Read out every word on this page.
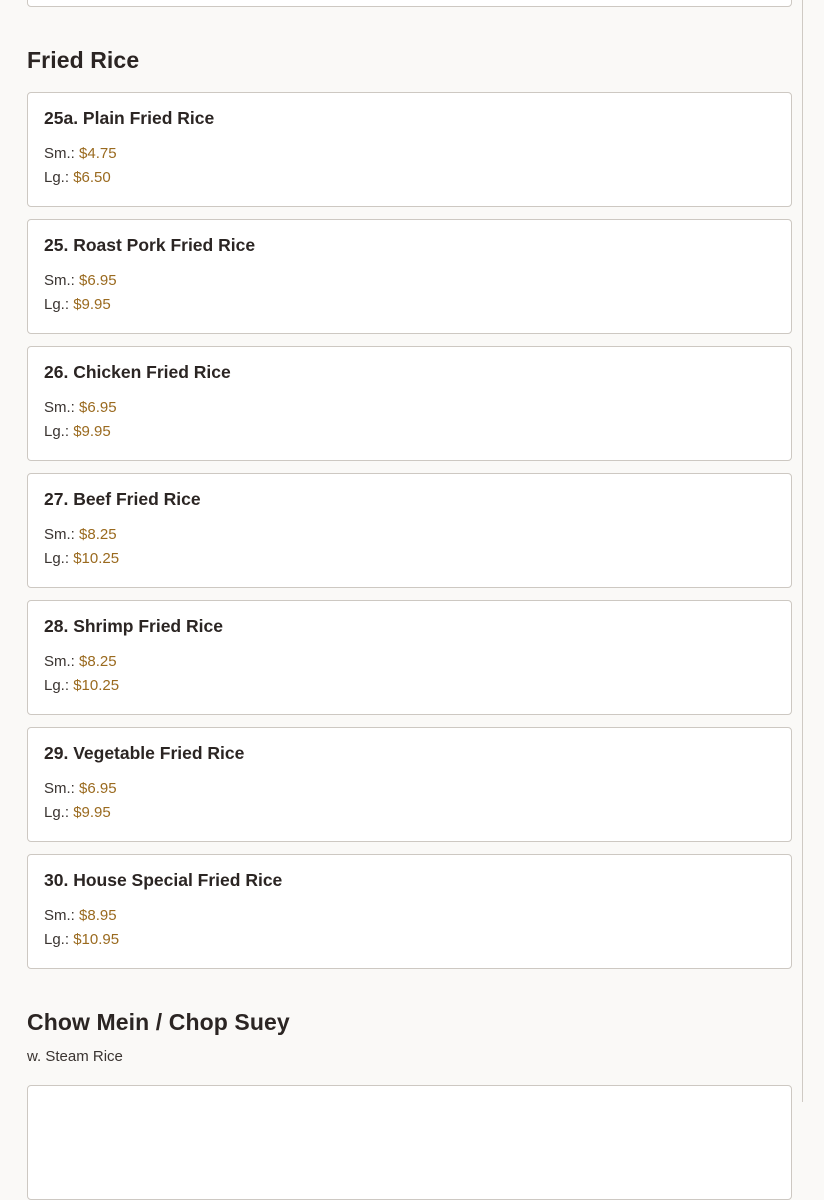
Fried Rice
25a. Plain Fried Rice
Sm.: $4.75
Lg.: $6.50
25. Roast Pork Fried Rice
Sm.: $6.95
Lg.: $9.95
26. Chicken Fried Rice
Sm.: $6.95
Lg.: $9.95
27. Beef Fried Rice
Sm.: $8.25
Lg.: $10.25
28. Shrimp Fried Rice
Sm.: $8.25
Lg.: $10.25
29. Vegetable Fried Rice
Sm.: $6.95
Lg.: $9.95
30. House Special Fried Rice
Sm.: $8.95
Lg.: $10.95
Chow Mein / Chop Suey
w. Steam Rice
